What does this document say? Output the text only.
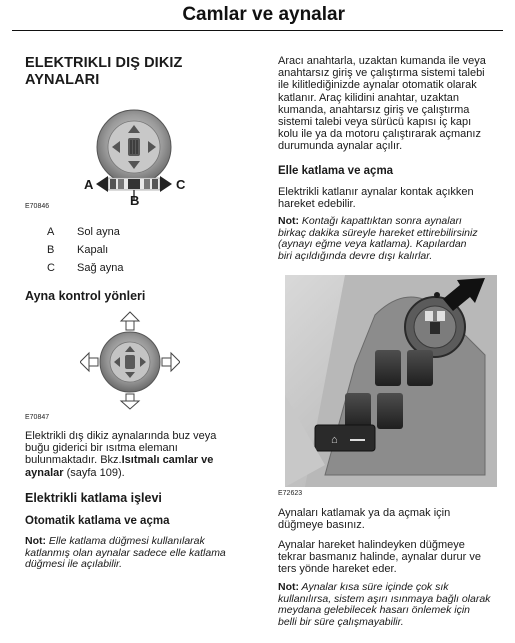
Camlar ve aynalar
ELEKTRIKLI DIŞ DIKIZ
AYNALARI
A
B
C
E70846
A Sol ayna
B Kapalı
C Sağ ayna
Ayna kontrol yönleri
E70847
Elektrikli dış dikiz aynalarında buz veya
buğu giderici bir ısıtma elemanı
bulunmaktadır. Bkz.Isıtmalı camlar ve
aynalar (sayfa 109).
Elektrikli katlama işlevi
Otomatik katlama ve açma
Not: Elle katlama düğmesi kullanılarak
katlanmış olan aynalar sadece elle katlama
düğmesi ile açılabilir.
Aracı anahtarla, uzaktan kumanda ile veya
anahtarsız giriş ve çalıştırma sistemi talebi
ile kilitlediğinizde aynalar otomatik olarak
katlanır. Araç kilidini anahtar, uzaktan
kumanda, anahtarsız giriş ve çalıştırma
sistemi talebi veya sürücü kapısı iç kapı
kolu ile ya da motoru çalıştırarak açmanız
durumunda aynalar açılır.
Elle katlama ve açma
Elektrikli katlanır aynalar kontak açıkken
hareket edebilir.
Not: Kontağı kapattıktan sonra aynaları
birkaç dakika süreyle hareket ettirebilirsiniz
(aynayı eğme veya katlama). Kapılardan
biri açıldığında devre dışı kalırlar.
⌂
E72623
Aynaları katlamak ya da açmak için
düğmeye basınız.
Aynalar hareket halindeyken düğmeye
tekrar basmanız halinde, aynalar durur ve
ters yönde hareket eder.
Not: Aynalar kısa süre içinde çok sık
kullanılırsa, sistem aşırı ısınmaya bağlı olarak
meydana gelebilecek hasarı önlemek için
belli bir süre çalışmayabilir.
